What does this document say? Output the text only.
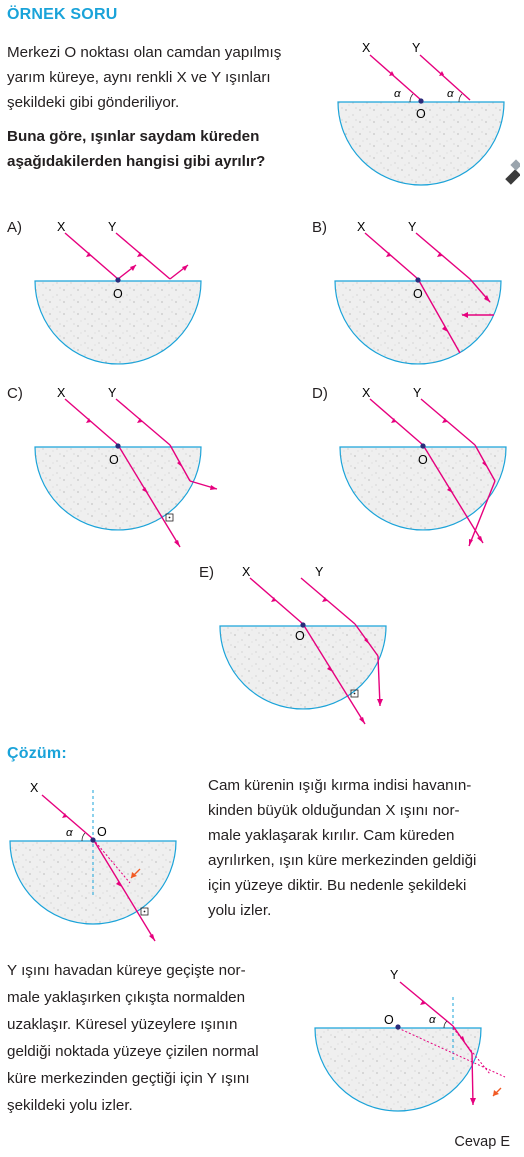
ÖRNEK SORU
Merkezi O noktası olan camdan yapılmış
yarım küreye, aynı renkli X ve Y ışınları
şekildeki gibi gönderiliyor.
Buna göre, ışınlar saydam küreden
aşağıdakilerden hangisi gibi ayrılır?
X	Y
α	α
O
A)	X	Y
O
B) X	Y
O
C)	X	Y
O
D)	X	Y
O
E) X	Y
O
Çözüm:
X
α O
Cam kürenin ışığı kırma indisi havanın-
kinden büyük olduğundan X ışını nor-
male yaklaşarak kırılır. Cam küreden
ayrılırken, ışın küre merkezinden geldiği
için yüzeye diktir. Bu nedenle şekildeki
yolu izler.
Y ışını havadan küreye geçişte nor-
male yaklaşırken çıkışta normalden
uzaklaşır. Küresel yüzeylere ışının
geldiği noktada yüzeye çizilen normal
küre merkezinden geçtiği için Y ışını
şekildeki yolu izler.
Y
O	α
Cevap E
